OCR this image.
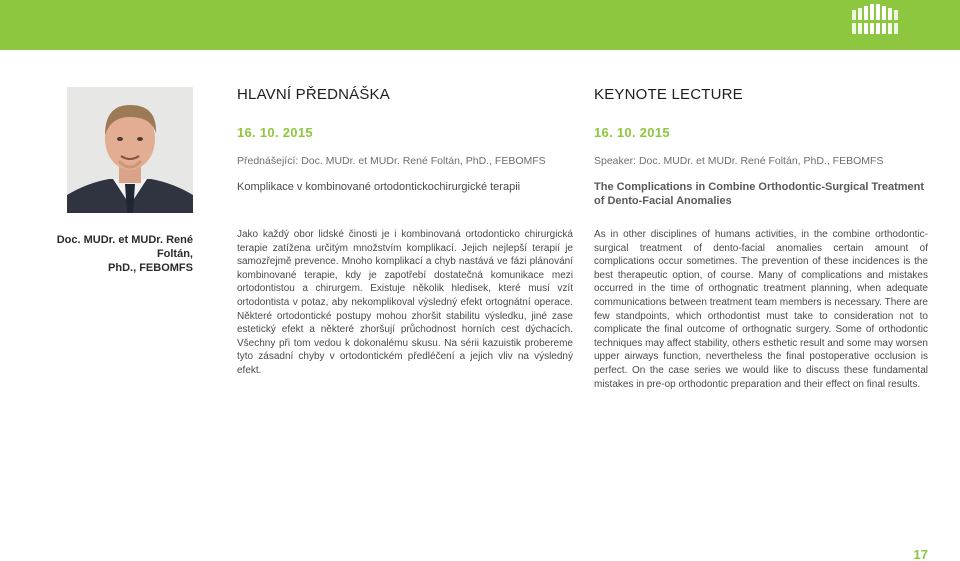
Doc. MUDr. et MUDr. René Foltán,
PhD., FEBOMFS
HLAVNÍ PŘEDNÁŠKA
16. 10. 2015
Přednášející: Doc. MUDr. et MUDr. René Foltán, PhD., FEBOMFS
Komplikace v kombinované ortodontickochirurgické terapii
Jako každý obor lidské činosti je i kombinovaná ortodonticko chirurgická terapie zatížena určitým množstvím komplikací. Jejich nejlepší terapií je samozřejmě prevence. Mnoho komplikací a chyb nastává ve fázi plánování kombinované terapie, kdy je zapotřebí dostatečná komunikace mezi ortodontistou a chirurgem. Existuje několik hledisek, které musí vzít ortodontista v potaz, aby nekomplikoval výsledný efekt ortognátní operace. Některé ortodontické postupy mohou zhoršit stabilitu výsledku, jiné zase estetický efekt a některé zhoršují průchodnost horních cest dýchacích. Všechny při tom vedou k dokonalému skusu. Na sérii kazuistik probereme tyto zásadní chyby v ortodontickém předléčení a jejich vliv na výsledný efekt.
KEYNOTE LECTURE
16. 10. 2015
Speaker: Doc. MUDr. et MUDr. René Foltán, PhD., FEBOMFS
The Complications in Combine Orthodontic-Surgical Treatment of Dento-Facial Anomalies
As in other disciplines of humans activities, in the combine orthodontic-surgical treatment of dento-facial anomalies certain amount of complications occur sometimes. The prevention of these incidences is the best therapeutic option, of course. Many of complications and mistakes occurred in the time of orthognatic treatment planning, when adequate communications between treatment team members is necessary. There are few standpoints, which orthodontist must take to consideration not to complicate the final outcome of orthognatic surgery. Some of orthodontic techniques may affect stability, others esthetic result and some may worsen upper airways function, nevertheless the final postoperative occlusion is perfect. On the case series we would like to discuss these fundamental mistakes in pre-op orthodontic preparation and their effect on final results.
17
